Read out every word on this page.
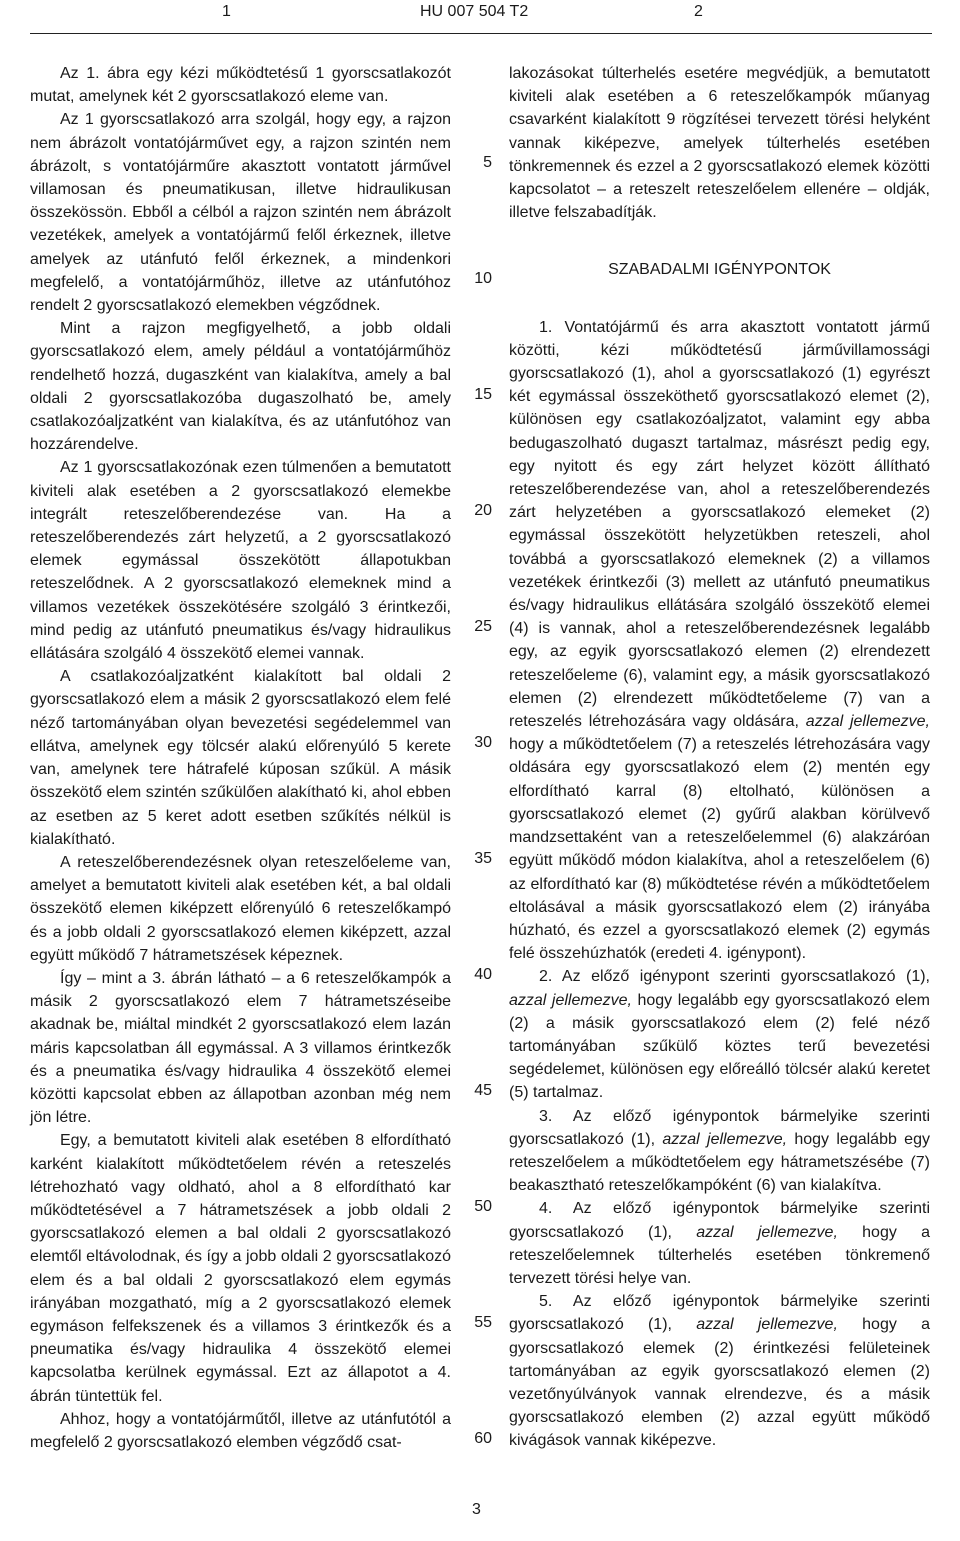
1	HU 007 504 T2	2

Az 1. ábra egy kézi működtetésű 1 gyorscsatlakozót mutat, amelynek két 2 gyorscsatlakozó eleme van.

Az 1 gyorscsatlakozó arra szolgál, hogy egy, a rajzon nem ábrázolt vontatójárművet egy, a rajzon szintén nem ábrázolt, s vontatójárműre akasztott vontatott járművel villamosan és pneumatikusan, illetve hidraulikusan összekössön. Ebből a célból a rajzon szintén nem ábrázolt vezetékek, amelyek a vontatójármű felől érkeznek, illetve amelyek az utánfutó felől érkeznek, a mindenkori megfelelő, a vontatójárműhöz, illetve az utánfutóhoz rendelt 2 gyorscsatlakozó elemekben végződnek.

Mint a rajzon megfigyelhető, a jobb oldali gyorscsatlakozó elem, amely például a vontatójárműhöz rendelhető hozzá, dugaszként van kialakítva, amely a bal oldali 2 gyorscsatlakozóba dugaszolható be, amely csatlakozóaljzatként van kialakítva, és az utánfutóhoz van hozzárendelve.

Az 1 gyorscsatlakozónak ezen túlmenően a bemutatott kiviteli alak esetében a 2 gyorscsatlakozó elemekbe integrált reteszelőberendezése van. Ha a reteszelőberendezés zárt helyzetű, a 2 gyorscsatlakozó elemek egymással összekötött állapotukban reteszelődnek. A 2 gyorscsatlakozó elemeknek mind a villamos vezetékek összekötésére szolgáló 3 érintkezői, mind pedig az utánfutó pneumatikus és/vagy hidraulikus ellátására szolgáló 4 összekötő elemei vannak.

A csatlakozóaljzatként kialakított bal oldali 2 gyorscsatlakozó elem a másik 2 gyorscsatlakozó elem felé néző tartományában olyan bevezetési segédelemmel van ellátva, amelynek egy tölcsér alakú előrenyúló 5 kerete van, amelynek tere hátrafelé kúposan szűkül. A másik összekötő elem szintén szűkülően alakítható ki, ahol ebben az esetben az 5 keret adott esetben szűkítés nélkül is kialakítható.

A reteszelőberendezésnek olyan reteszelőeleme van, amelyet a bemutatott kiviteli alak esetében két, a bal oldali összekötő elemen kiképzett előrenyúló 6 reteszelőkampó és a jobb oldali 2 gyorscsatlakozó elemen kiképzett, azzal együtt működő 7 hátrametszések képeznek.

Így – mint a 3. ábrán látható – a 6 reteszelőkampók a másik 2 gyorscsatlakozó elem 7 hátrametszéseibe akadnak be, miáltal mindkét 2 gyorscsatlakozó elem lazán máris kapcsolatban áll egymással. A 3 villamos érintkezők és a pneumatika és/vagy hidraulika 4 összekötő elemei közötti kapcsolat ebben az állapotban azonban még nem jön létre.

Egy, a bemutatott kiviteli alak esetében 8 elfordítható karként kialakított működtetőelem révén a reteszelés létrehozható vagy oldható, ahol a 8 elfordítható kar működtetésével a 7 hátrametszések a jobb oldali 2 gyorscsatlakozó elemen a bal oldali 2 gyorscsatlakozó elemtől eltávolodnak, és így a jobb oldali 2 gyorscsatlakozó elem és a bal oldali 2 gyorscsatlakozó elem egymás irányában mozgatható, míg a 2 gyorscsatlakozó elemek egymáson felfekszenek és a villamos 3 érintkezők és a pneumatika és/vagy hidraulika 4 összekötő elemei kapcsolatba kerülnek egymással. Ezt az állapotot a 4. ábrán tüntettük fel.

Ahhoz, hogy a vontatójárműtől, illetve az utánfutótól a megfelelő 2 gyorscsatlakozó elemben végződő csat-

5
10
15
20
25
30
35
40
45
50
55
60

lakozásokat túlterhelés esetére megvédjük, a bemutatott kiviteli alak esetében a 6 reteszelőkampók műanyag csavarként kialakított 9 rögzítései tervezett törési helyként vannak kiképezve, amelyek túlterhelés esetében tönkremennek és ezzel a 2 gyorscsatlakozó elemek közötti kapcsolatot – a reteszelt reteszelőelem ellenére – oldják, illetve felszabadítják.

SZABADALMI IGÉNYPONTOK

1. Vontatójármű és arra akasztott vontatott jármű közötti, kézi működtetésű járművillamossági gyorscsatlakozó (1), ahol a gyorscsatlakozó (1) egyrészt két egymással összeköthető gyorscsatlakozó elemet (2), különösen egy csatlakozóaljzatot, valamint egy abba bedugaszolható dugaszt tartalmaz, másrészt pedig egy, egy nyitott és egy zárt helyzet között állítható reteszelőberendezése van, ahol a reteszelőberendezés zárt helyzetében a gyorscsatlakozó elemeket (2) egymással összekötött helyzetükben reteszeli, ahol továbbá a gyorscsatlakozó elemeknek (2) a villamos vezetékek érintkezői (3) mellett az utánfutó pneumatikus és/vagy hidraulikus ellátására szolgáló összekötő elemei (4) is vannak, ahol a reteszelőberendezésnek legalább egy, az egyik gyorscsatlakozó elemen (2) elrendezett reteszelőeleme (6), valamint egy, a másik gyorscsatlakozó elemen (2) elrendezett működtetőeleme (7) van a reteszelés létrehozására vagy oldására, azzal jellemezve, hogy a működtetőelem (7) a reteszelés létrehozására vagy oldására egy gyorscsatlakozó elem (2) mentén egy elfordítható karral (8) eltolható, különösen a gyorscsatlakozó elemet (2) gyűrű alakban körülvevő mandzsettaként van a reteszelőelemmel (6) alakzáróan együtt működő módon kialakítva, ahol a reteszelőelem (6) az elfordítható kar (8) működtetése révén a működtetőelem eltolásával a másik gyorscsatlakozó elem (2) irányába húzható, és ezzel a gyorscsatlakozó elemek (2) egymás felé összehúzhatók (eredeti 4. igénypont).

2. Az előző igénypont szerinti gyorscsatlakozó (1), azzal jellemezve, hogy legalább egy gyorscsatlakozó elem (2) a másik gyorscsatlakozó elem (2) felé néző tartományában szűkülő köztes terű bevezetési segédelemet, különösen egy előreálló tölcsér alakú keretet (5) tartalmaz.

3. Az előző igénypontok bármelyike szerinti gyorscsatlakozó (1), azzal jellemezve, hogy legalább egy reteszelőelem a működtetőelem egy hátrametszésébe (7) beakasztható reteszelőkampóként (6) van kialakítva.

4. Az előző igénypontok bármelyike szerinti gyorscsatlakozó (1), azzal jellemezve, hogy a reteszelőelemnek túlterhelés esetében tönkremenő tervezett törési helye van.

5. Az előző igénypontok bármelyike szerinti gyorscsatlakozó (1), azzal jellemezve, hogy a gyorscsatlakozó elemek (2) érintkezési felületeinek tartományában az egyik gyorscsatlakozó elemen (2) vezetőnyúlványok vannak elrendezve, és a másik gyorscsatlakozó elemben (2) azzal együtt működő kivágások vannak kiképezve.

3
